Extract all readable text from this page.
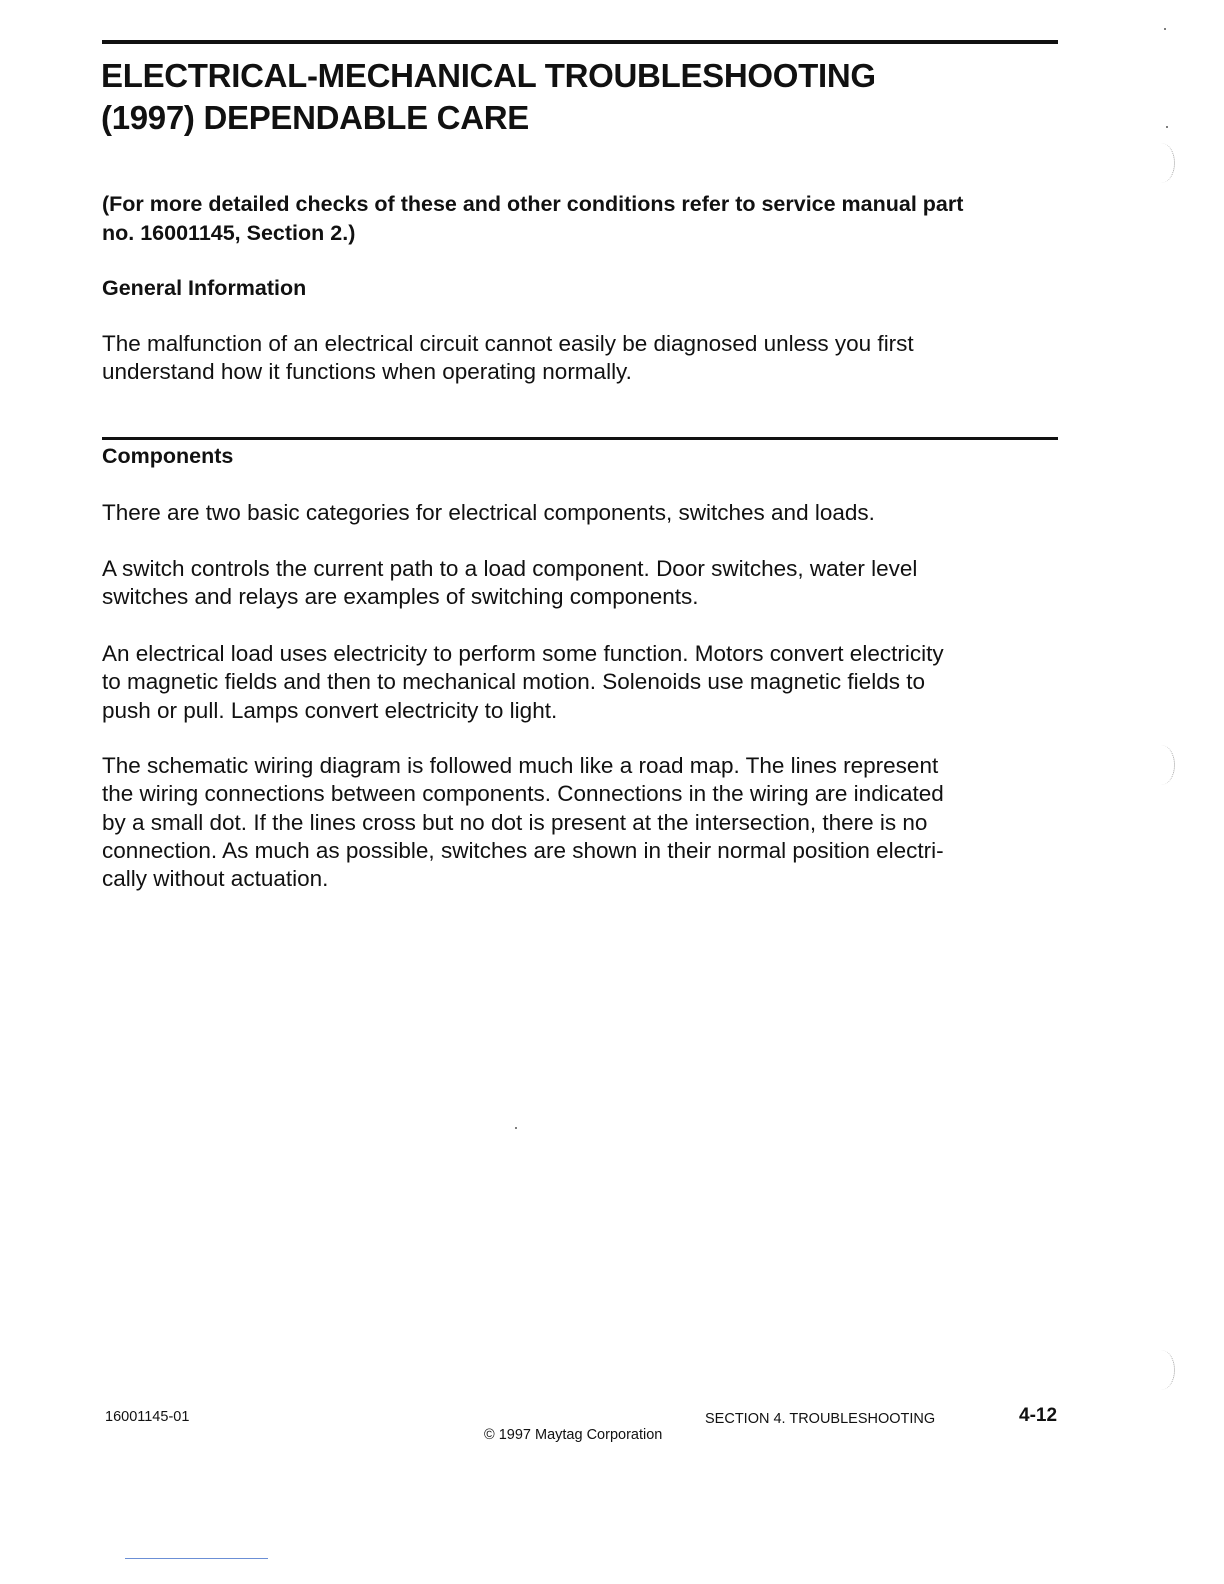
ELECTRICAL-MECHANICAL TROUBLESHOOTING
(1997) DEPENDABLE CARE
(For more detailed checks of these and other conditions refer to service manual part
no. 16001145, Section 2.)
General Information

The malfunction of an electrical circuit cannot easily be diagnosed unless you first
understand how it functions when operating normally.

Components

There are two basic categories for electrical components, switches and loads.

A switch controls the current path to a load component. Door switches, water level
switches and relays are examples of switching components.

An electrical load uses electricity to perform some function. Motors convert electricity
to magnetic fields and then to mechanical motion. Solenoids use magnetic fields to
push or pull. Lamps convert electricity to light.

The schematic wiring diagram is followed much like a road map. The lines represent
the wiring connections between components. Connections in the wiring are indicated
by a small dot. If the lines cross but no dot is present at the intersection, there is no
connection. As much as possible, switches are shown in their normal position electri-
cally without actuation.

16001145-01
© 1997 Maytag Corporation
SECTION 4. TROUBLESHOOTING	4-12
